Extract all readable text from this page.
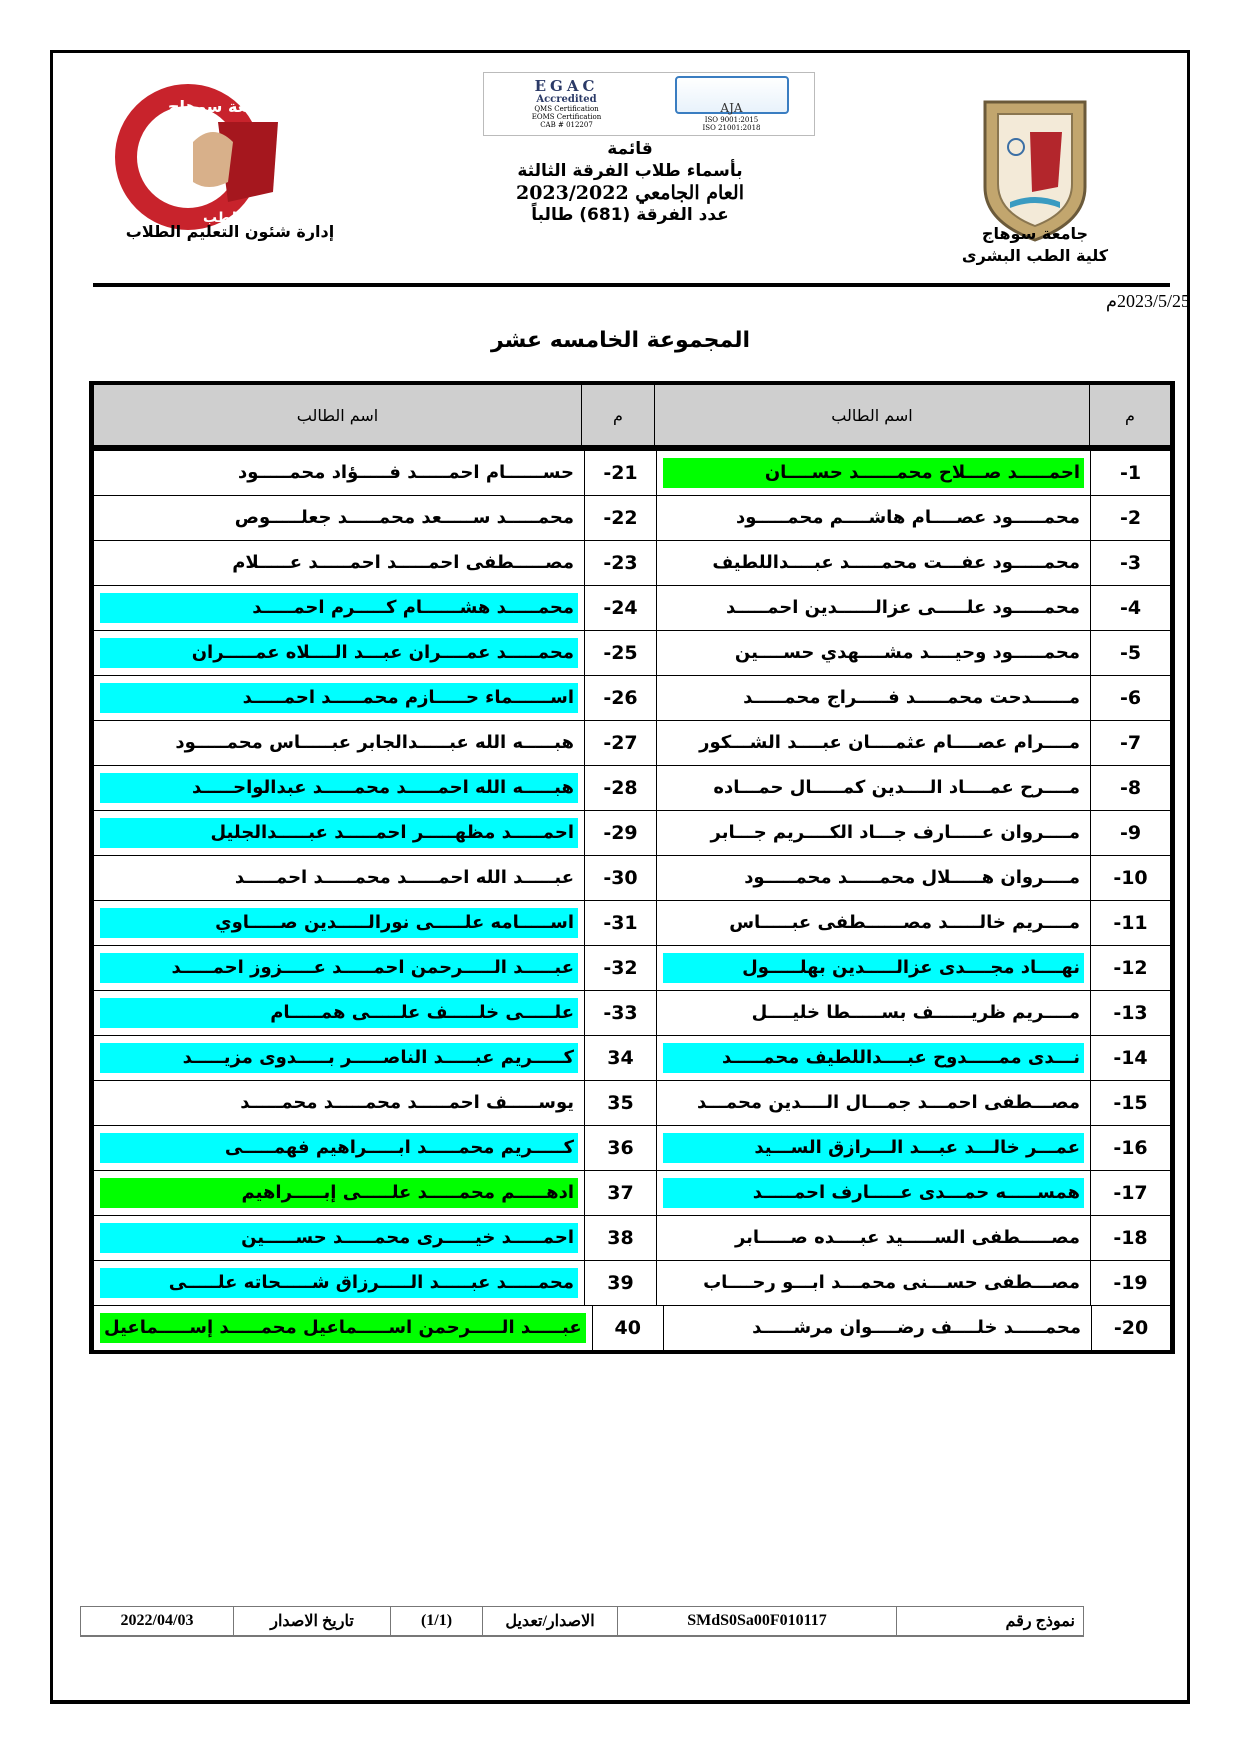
جامعة سوهاج
كلية الطب
EGAC
Accredited
QMS Certification
EOMS Certification
CAB # 012207
AJA
ISO 9001:2015
ISO 21001:2018
قائمة
بأسماء طلاب الفرقة الثالثة
العام الجامعي 2023/2022
عدد الفرقة (681) طالباً
إدارة شئون التعليم الطلاب	جامعة سوهاج
كلية الطب البشرى
2023/5/25م
المجموعة الخامسه عشر
م
اسم الطالب
م
اسم الطالب
-1
احمـــــد صـــلاح محمــــــد حســــان
-21
حســــــام احمـــــد فـــــؤاد محمـــــود
-2
محمـــــود عصــــام هاشــــم محمـــــود
-22
محمـــــد ســـــعد محمـــــد جعلـــــوص
-3
محمـــــود عفـــت محمـــــد عبــــداللطيف
-23
مصـــــطفى احمـــــد احمـــــد عـــــلام
-4
محمـــــود علـــــى عزالــــــدين احمـــــد
-24
محمـــــد هشــــــام كـــــرم احمـــــد
-5
محمـــــود وحيــــد مشــــهدي حســــين
-25
محمـــــد عمــــران عبـــد الــــلاه عمـــــران
-6
مــــــدحت محمـــــد فـــــراج محمـــــد
-26
اســــــماء حـــــازم محمـــــد احمـــــد
-7
مــــرام عصــــام عثمــــان عبــــد الشـــكور
-27
هبـــــه الله عبـــــدالجابر عبـــــاس محمـــــود
-8
مــــرح عمــــاد الــــدين كمـــــال حمـــاده
-28
هبـــــه الله احمـــــد محمـــــد عبدالواحـــــد
-9
مــــروان عـــــارف جـــاد الكــــريم جـــابر
-29
احمـــــد مظهـــــر احمـــــد عبـــــدالجليل
-10
مــــروان هـــــلال محمـــــد محمـــــود
-30
عبـــــد الله احمـــــد محمـــــد احمـــــد
-11
مــــريم خالـــــد مصــــــطفى عبـــــاس
-31
اســـــامه علـــــى نورالـــــدين صـــــاوي
-12
نهــــاد مجــــدى عزالـــــدين بهلـــــول
-32
عبـــــد الـــــرحمن احمـــــد عـــــزوز احمـــــد
-13
مــــريم ظريــــــف بســـــطا خليــــل
-33
علـــــى خلـــــف علـــــى همـــــام
-14
نـــدى ممـــــدوح عبــــداللطيف محمـــــد
34
كـــــريم عبـــــد الناصـــــر بـــــدوى مزيـــــد
-15
مصـــطفى احمـــد جمـــال الــــدين محمـــد
35
يوســـــف احمـــــد محمـــــد محمـــــد
-16
عمـــر خالـــد عبـــد الـــرازق الســـيد
36
كـــــريم محمـــــد ابـــــراهيم فهمـــــى
-17
همســـــه حمـــدى عـــــارف احمـــــد
37
ادهـــــم محمـــــد علـــــى إبـــــراهيم
-18
مصـــــطفى الســـــيد عبــــده صـــــابر
38
احمـــــد خيـــــرى محمـــــد حســـــين
-19
مصـــطفى حســـنى محمـــد ابـــو رحــــاب
39
محمـــــد عبـــــد الـــــرزاق شـــــحاته علـــــى
-20
محمـــــد خلــــف رضــــوان مرشـــــد
40
عبـــــد الـــــرحمن اســـــماعيل محمـــــد إســـــماعيل
نموذج رقم
SMdS0Sa00F010117
الاصدار/تعديل
(1/1)
تاريخ الاصدار
2022/04/03
